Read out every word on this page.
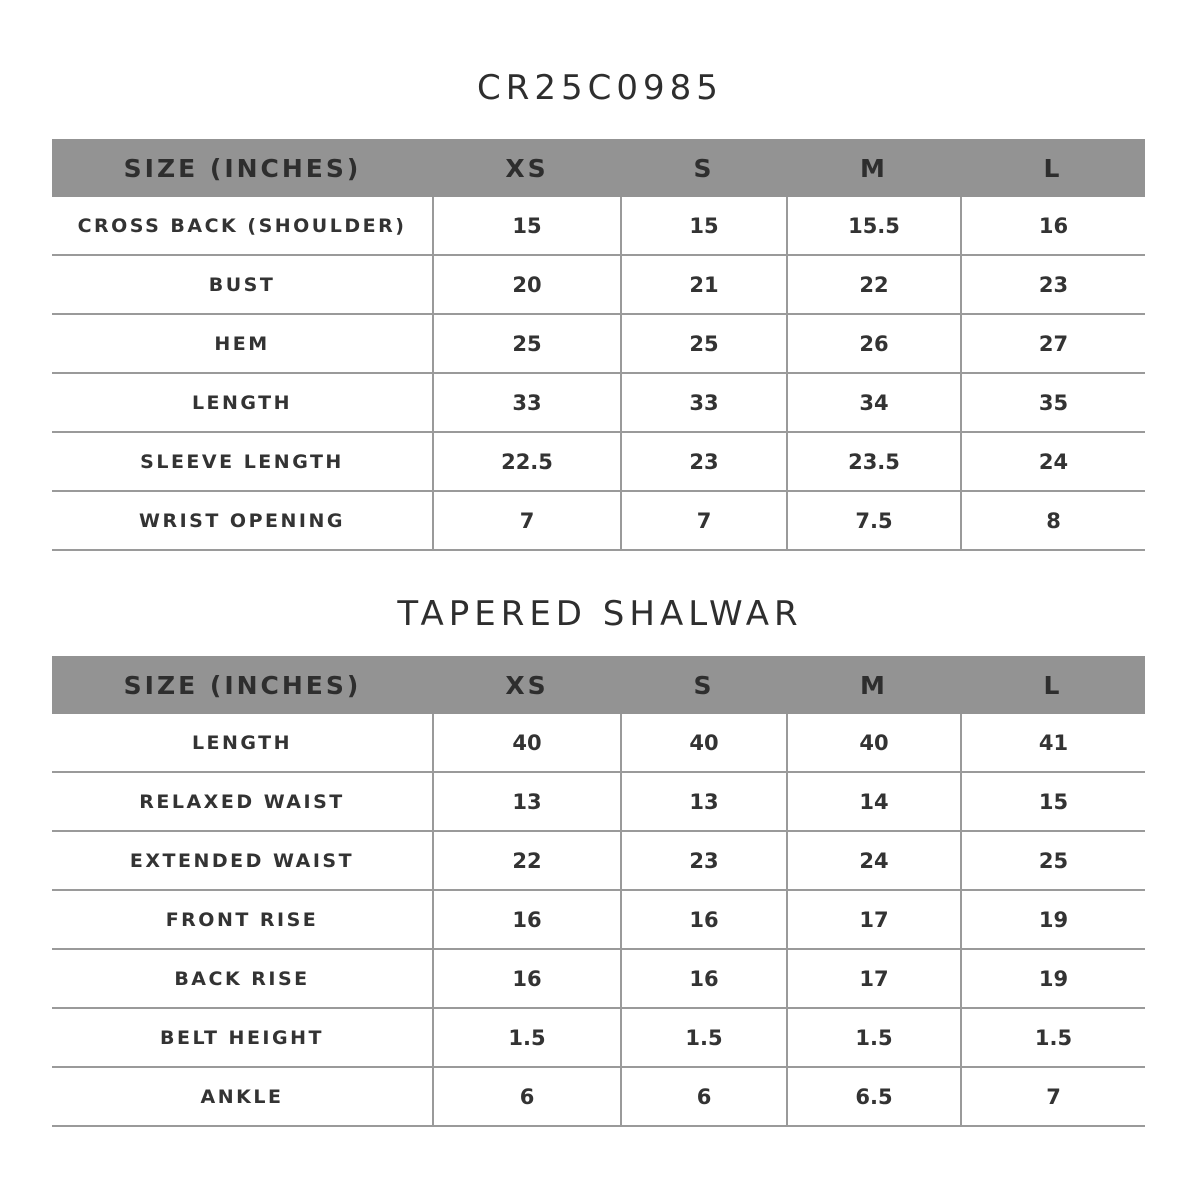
CR25C0985
SIZE (INCHES)	XS	S	M	L
CROSS BACK (SHOULDER)	15	15	15.5	16
BUST	20	21	22	23
HEM	25	25	26	27
LENGTH	33	33	34	35
SLEEVE LENGTH	22.5	23	23.5	24
WRIST OPENING	7	7	7.5	8
TAPERED SHALWAR
SIZE (INCHES)	XS	S	M	L
LENGTH	40	40	40	41
RELAXED WAIST	13	13	14	15
EXTENDED WAIST	22	23	24	25
FRONT RISE	16	16	17	19
BACK RISE	16	16	17	19
BELT HEIGHT	1.5	1.5	1.5	1.5
ANKLE	6	6	6.5	7
